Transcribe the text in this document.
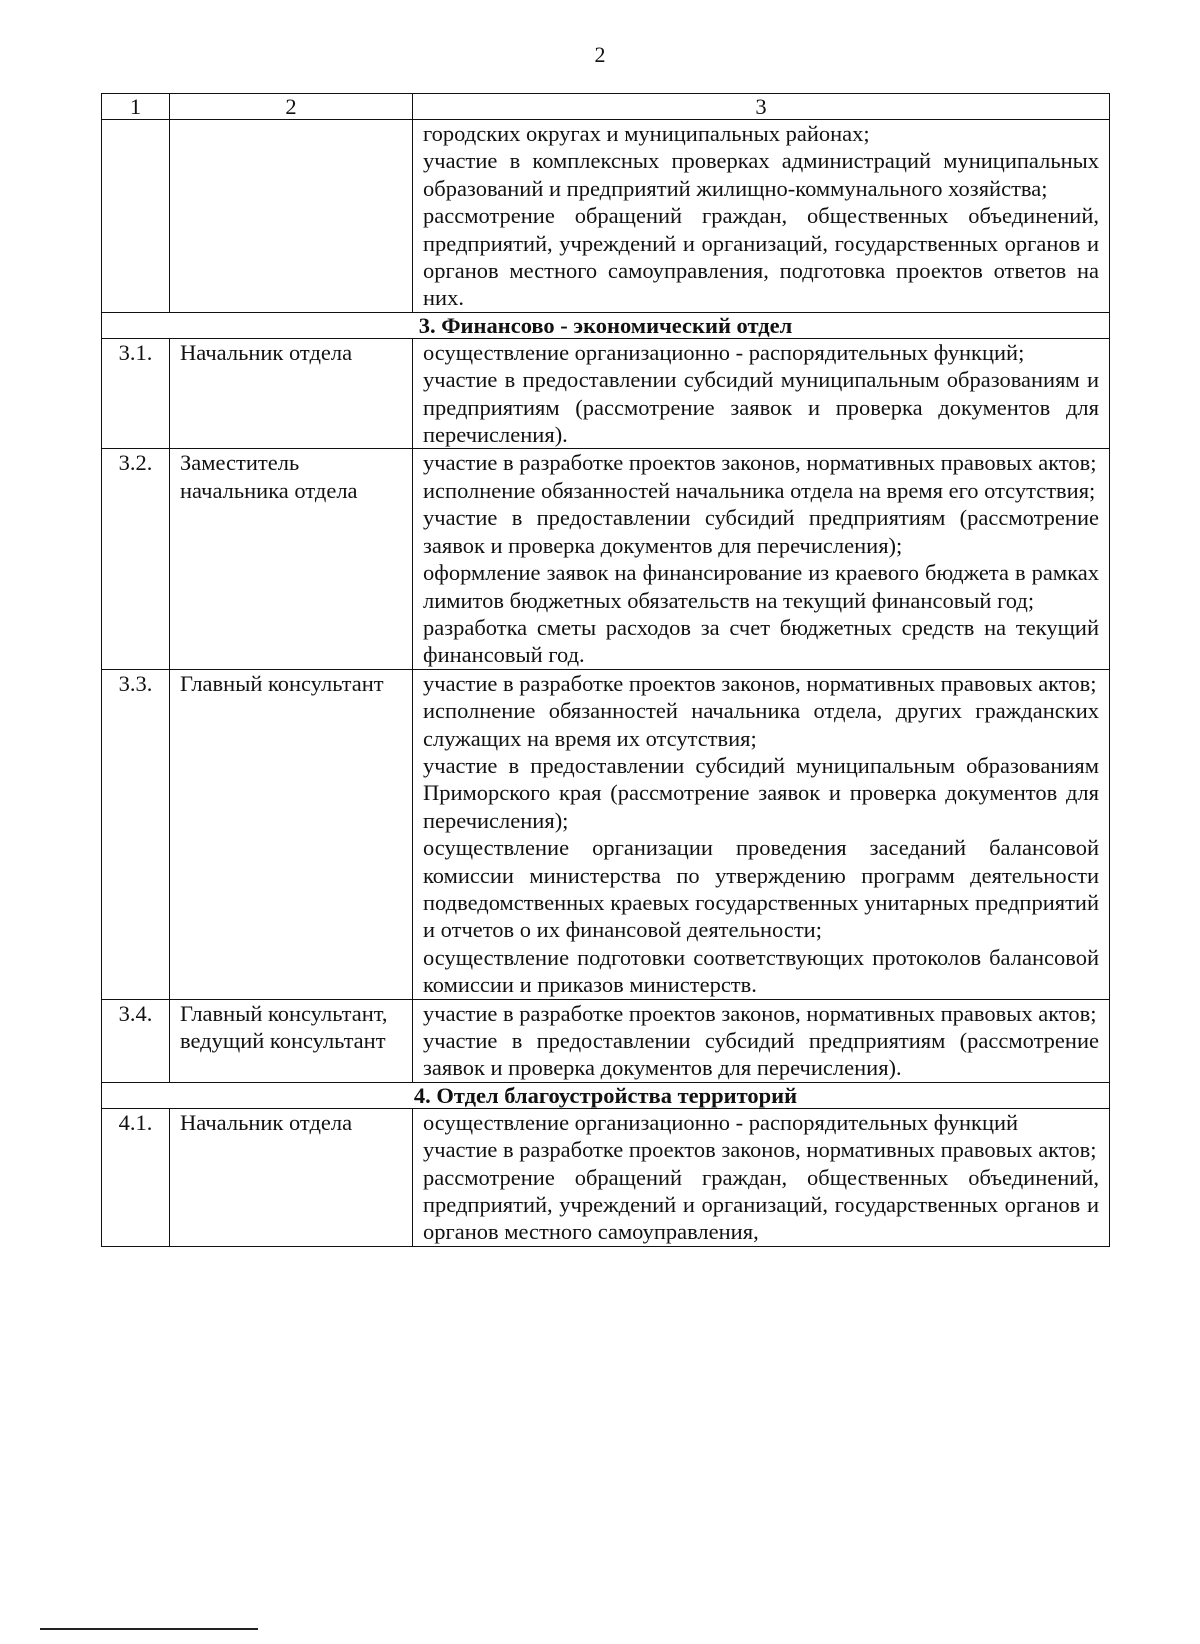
2
1	2	3

		городских округах и муниципальных районах;
участие в комплексных проверках администраций муниципальных образований и предприятий жилищно-коммунального хозяйства;
рассмотрение обращений граждан, общественных объединений, предприятий, учреждений и организаций, государственных органов и органов местного самоуправления, подготовка проектов ответов на них.

3. Финансово - экономический отдел		
3.1.	Начальник отдела	осуществление организационно - распорядительных функций;
участие в предоставлении субсидий муниципальным образованиям и предприятиям (рассмотрение заявок и проверка документов для перечисления).

3.2.	Заместитель начальника отдела	участие в разработке проектов законов, нормативных правовых актов;
исполнение обязанностей начальника отдела на время его отсутствия;
участие в предоставлении субсидий предприятиям (рассмотрение заявок и проверка документов для перечисления);
оформление заявок на финансирование из краевого бюджета в рамках лимитов бюджетных обязательств на текущий финансовый год;
разработка сметы расходов за счет бюджетных средств на текущий финансовый год.

3.3.	Главный консультант	участие в разработке проектов законов, нормативных правовых актов;
исполнение обязанностей начальника отдела, других гражданских служащих на время их отсутствия;
участие в предоставлении субсидий муниципальным образованиям Приморского края (рассмотрение заявок и проверка документов для перечисления);
осуществление организации проведения заседаний балансовой комиссии министерства по утверждению программ деятельности подведомственных краевых государственных унитарных предприятий и отчетов о их финансовой деятельности;
осуществление подготовки соответствующих протоколов балансовой комиссии и приказов министерств.

3.4.	Главный консультант, ведущий консультант	участие в разработке проектов законов, нормативных правовых актов;
участие в предоставлении субсидий предприятиям (рассмотрение заявок и проверка документов для перечисления).

4. Отдел благоустройства территорий		
4.1.	Начальник отдела	осуществление организационно - распорядительных функций
участие в разработке проектов законов, нормативных правовых актов;
рассмотрение обращений граждан, общественных объединений, предприятий, учреждений и организаций, государственных органов и органов местного самоуправления,
